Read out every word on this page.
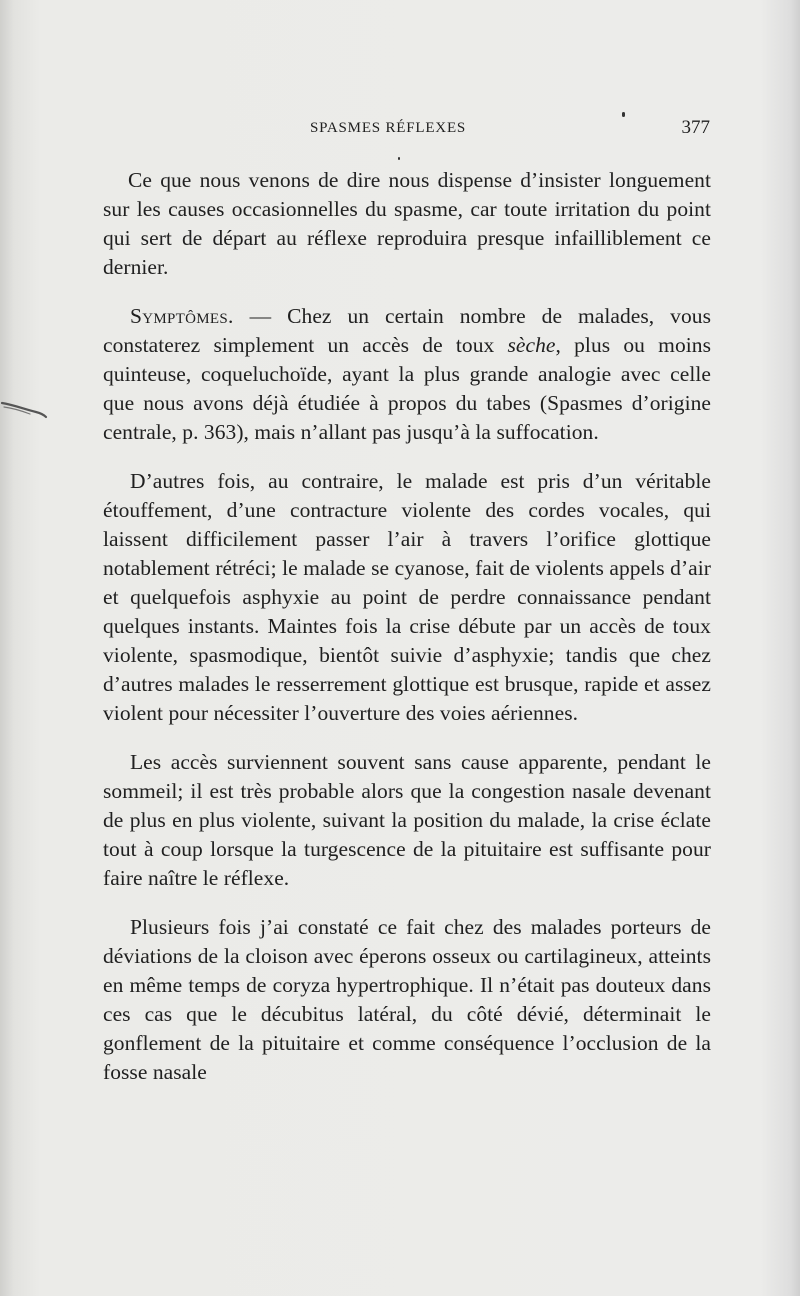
SPASMES RÉFLEXES	377

Ce que nous venons de dire nous dispense d’insister longuement sur les causes occasionnelles du spasme, car toute irritation du point qui sert de départ au réflexe reproduira presque infailliblement ce dernier.

Symptômes. — Chez un certain nombre de malades, vous constaterez simplement un accès de toux sèche, plus ou moins quinteuse, coqueluchoïde, ayant la plus grande analogie avec celle que nous avons déjà étudiée à propos du tabes (Spasmes d’origine centrale, p. 363), mais n’allant pas jusqu’à la suffocation.

D’autres fois, au contraire, le malade est pris d’un véritable étouffement, d’une contracture violente des cordes vocales, qui laissent difficilement passer l’air à travers l’orifice glottique notablement rétréci; le malade se cyanose, fait de violents appels d’air et quelquefois asphyxie au point de perdre connaissance pendant quelques instants. Maintes fois la crise débute par un accès de toux violente, spasmodique, bientôt suivie d’asphyxie; tandis que chez d’autres malades le resserrement glottique est brusque, rapide et assez violent pour nécessiter l’ouverture des voies aériennes.

Les accès surviennent souvent sans cause apparente, pendant le sommeil; il est très probable alors que la congestion nasale devenant de plus en plus violente, suivant la position du malade, la crise éclate tout à coup lorsque la turgescence de la pituitaire est suffisante pour faire naître le réflexe.

Plusieurs fois j’ai constaté ce fait chez des malades porteurs de déviations de la cloison avec éperons osseux ou cartilagineux, atteints en même temps de coryza hypertrophique. Il n’était pas douteux dans ces cas que le décubitus latéral, du côté dévié, déterminait le gonflement de la pituitaire et comme conséquence l’occlusion de la fosse nasale
